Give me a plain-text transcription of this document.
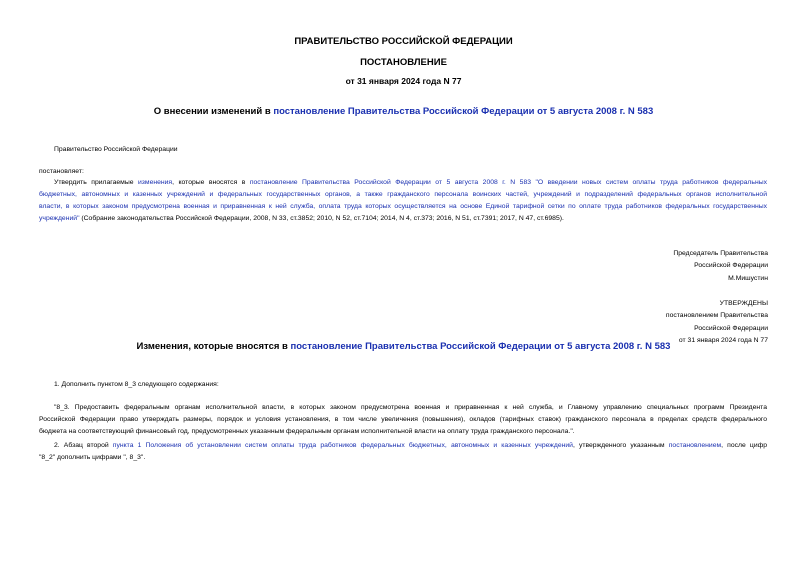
ПРАВИТЕЛЬСТВО РОССИЙСКОЙ ФЕДЕРАЦИИ
ПОСТАНОВЛЕНИЕ
от 31 января 2024 года N 77
О внесении изменений в постановление Правительства Российской Федерации от 5 августа 2008 г. N 583
Правительство Российской Федерации
постановляет:
Утвердить прилагаемые изменения, которые вносятся в постановление Правительства Российской Федерации от 5 августа 2008 г. N 583 "О введении новых систем оплаты труда работников федеральных
бюджетных, автономных и казенных учреждений и федеральных государственных органов, а также гражданского персонала воинских частей, учреждений и подразделений федеральных органов исполнительной
власти, в которых законом предусмотрена военная и приравненная к ней служба, оплата труда которых осуществляется на основе Единой тарифной сетки по оплате труда работников федеральных государственных
учреждений" (Собрание законодательства Российской Федерации, 2008, N 33, ст.3852; 2010, N 52, ст.7104; 2014, N 4, ст.373; 2016, N 51, ст.7391; 2017, N 47, ст.6985).
Председатель Правительства
Российской Федерации
М.Мишустин
УТВЕРЖДЕНЫ
постановлением Правительства
Российской Федерации
от 31 января 2024 года N 77
Изменения, которые вносятся в постановление Правительства Российской Федерации от 5 августа 2008 г. N 583
1. Дополнить пунктом 8_3 следующего содержания:
"8_3. Предоставить федеральным органам исполнительной власти, в которых законом предусмотрена военная и приравненная к ней служба, и Главному управлению специальных программ Президента
Российской Федерации право утверждать размеры, порядок и условия установления, в том числе увеличения (повышения), окладов (тарифных ставок) гражданского персонала в пределах средств федерального
бюджета на соответствующий финансовый год, предусмотренных указанным федеральным органам исполнительной власти на оплату труда гражданского персонала.".
2. Абзац второй пункта 1 Положения об установлении систем оплаты труда работников федеральных бюджетных, автономных и казенных учреждений, утвержденного указанным постановлением, после цифр
"8_2" дополнить цифрами ", 8_3".
